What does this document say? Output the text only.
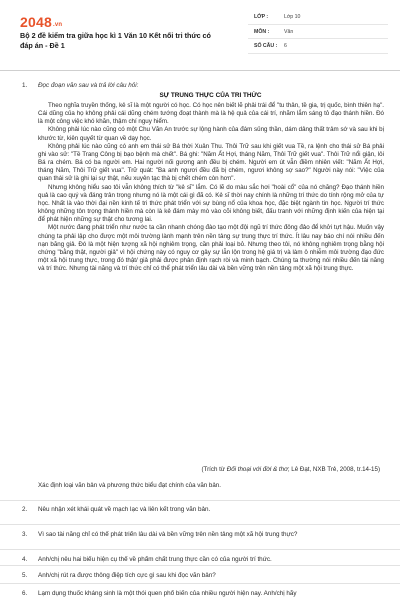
2048.vn
Bộ 2 đề kiểm tra giữa học kì 1 Văn 10 Kết nối tri thức có đáp án - Đề 1
LỚP :	Lớp 10
MÔN :	Văn
SỐ CÂU : 6
1. Đọc đoạn văn sau và trả lời câu hỏi:
SỰ TRUNG THỰC CỦA TRI THỨC

Theo nghĩa truyền thống, kẻ sĩ là một người có học. Có học nên biết lẽ phải trái để "tu thân, tề gia, trị quốc, bình thiên hạ". Cái dũng của họ không phải cái dũng chém tướng đoạt thành mà là hệ quả của cái trí, nhãm lắm sáng tỏ đạo thánh hiền. Đó là một công việc khó khăn, thậm chí nguy hiểm.

Không phải lúc nào cũng có một Chu Văn An trước sự lộng hành của đám sủng thần, dám dâng thất trảm sớ và sau khi bị khước từ, kiên quyết từ quan về dạy học.

Không phải lúc nào cũng có anh em thái sử Bá thời Xuân Thu. Thôi Trữ sau khi giết vua Tề, ra lệnh cho thái sử Bá phải ghi vào sử: "Tề Trang Công bị bạo bệnh mà chết". Bá ghi: "Năm Ất Hợi, tháng Năm, Thôi Trữ giết vua". Thôi Trữ nổi giận, lôi Bá ra chém. Bá có ba người em. Hai người nối gương anh đều bị chém. Người em út vẫn điềm nhiên viết: "Năm Ất Hợi, tháng Năm, Thôi Trữ giết vua". Trữ quát: "Ba anh ngươi đều đã bị chém, ngươi không sợ sao?" Người này nói: "Việc của quan thái sử là ghi lại sự thật, nếu xuyên tạc thà bị chết chém còn hơn".

Nhưng không hiểu sao tôi vẫn không thích từ "kẻ sĩ" lắm. Có lẽ do màu sắc hơi "hoài cổ" của nó chăng? Đạo thánh hiền quả là cao quý và đáng trân trọng nhưng nó là một cái gì đã có. Kẻ sĩ thời nay chính là những trí thức do tính rộng mở của tự học. Nhất là vào thời đại nền kinh tế tri thức phát triển với sự bùng nổ của khoa học, đặc biệt ngành tin học. Người trí thức không những tôn trọng thánh hiền mà còn là kẻ đám mày mò vào cõi không biết, đấu tranh với những định kiến của hiện tại để phát hiện những sự thật cho tương lai.

Một nước đang phát triển như nước ta cần nhanh chóng đào tạo một đội ngũ trí thức đông đảo để khởi tựt hậu. Muốn vậy chúng ta phải lập cho được một môi trường lành mạnh trên nền tảng sự trung thực trí thức. Ít lâu nay báo chí nói nhiều đến nạn băng giả. Đó là một hiện tượng xã hội nghiêm trọng, cần phải loại bỏ. Nhưng theo tôi, nó không nghiêm trọng bằng hội chứng "bằng thật, người giả" vì hội chứng này có nguy cơ gây sự lẫn lộn trong hệ giá trị và làm ô nhiễm môi trường đạo đức một xã hội trung thực, trong đó thật/ giả phải được phân định rạch ròi và minh bạch. Chúng ta thường nói nhiều đến tài năng và trí thức. Nhưng tài năng và trí thức chỉ có thể phát triển lâu dài và bền vững trên nền tảng một xã hội trung thực.

(Trích từ Đối thoại với đời & thơ; Lê Đạt, NXB Trẻ, 2008, tr.14-15)
Xác định loại văn bản và phương thức biểu đạt chính của văn bản.
2. Nêu nhận xét khái quát về mạch lạc và liên kết trong văn bản.
3. Vì sao tài năng chỉ có thể phát triển lâu dài và bền vững trên nền tảng một xã hội trung thực?
4. Anh/chị nêu hai biểu hiện cụ thể về phẩm chất trung thực cần có của người trí thức.
5. Anh/chị rút ra được thông điệp tích cực gì sau khi đọc văn bản?
6. Lạm dụng thuốc kháng sinh là một thói quen phổ biến của nhiều người hiện nay. Anh/chị hãy
